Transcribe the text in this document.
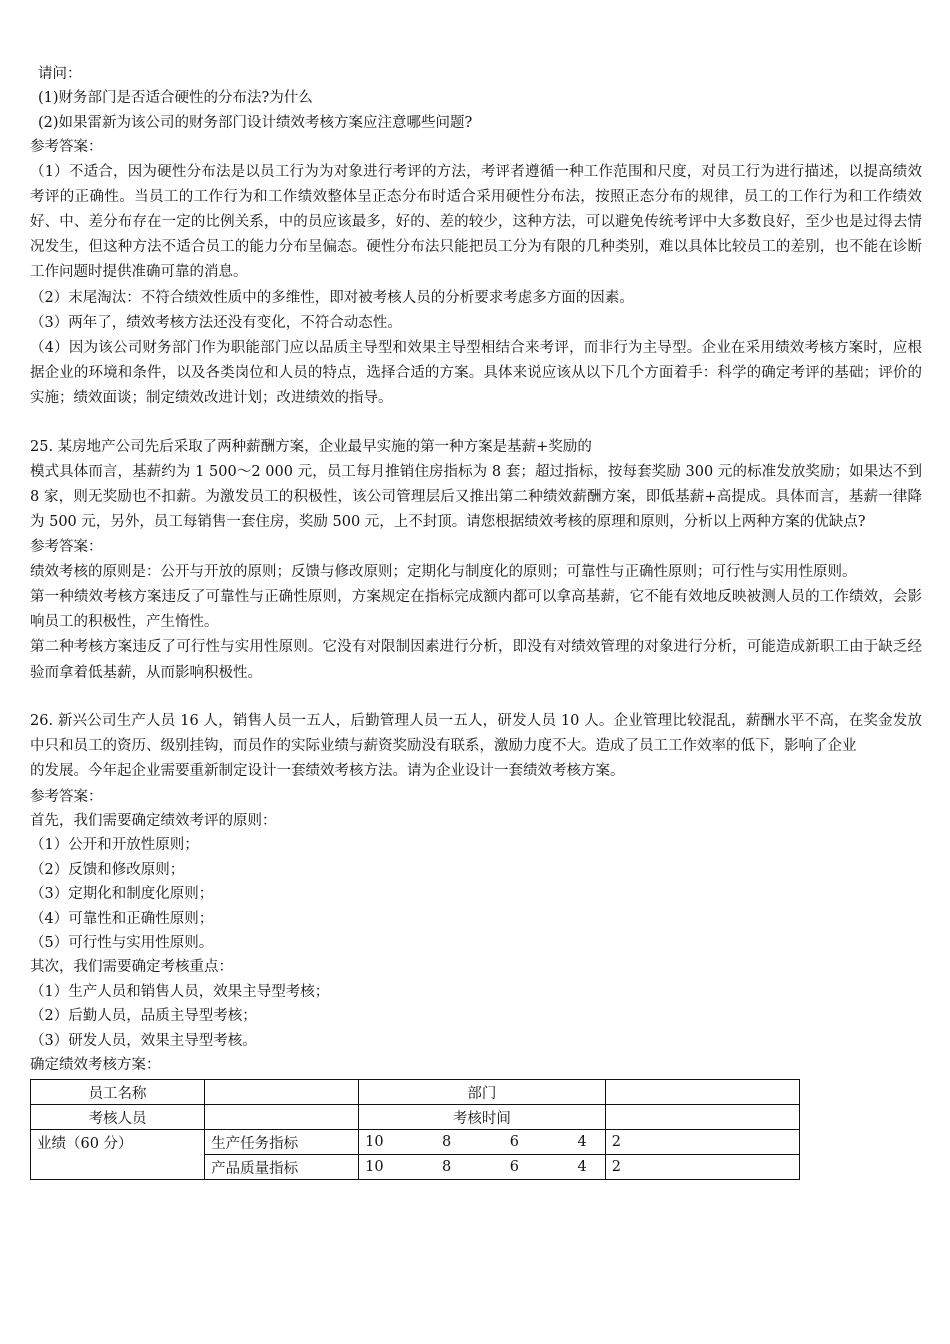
请问：

(1)财务部门是否适合硬性的分布法?为什么

(2)如果雷新为该公司的财务部门设计绩效考核方案应注意哪些问题?

参考答案：

（1）不适合，因为硬性分布法是以员工行为为对象进行考评的方法，考评者遵循一种工作范围和尺度，对员工行为进行描述，以提高绩效考评的正确性。当员工的工作行为和工作绩效整体呈正态分布时适合采用硬性分布法，按照正态分布的规律，员工的工作行为和工作绩效好、中、差分布存在一定的比例关系，中的员应该最多，好的、差的较少，这种方法，可以避免传统考评中大多数良好，至少也是过得去情况发生，但这种方法不适合员工的能力分布呈偏态。硬性分布法只能把员工分为有限的几种类别，难以具体比较员工的差别，也不能在诊断工作问题时提供准确可靠的消息。

（2）末尾淘汰：不符合绩效性质中的多维性，即对被考核人员的分析要求考虑多方面的因素。

（3）两年了，绩效考核方法还没有变化，不符合动态性。

（4）因为该公司财务部门作为职能部门应以品质主导型和效果主导型相结合来考评，而非行为主导型。企业在采用绩效考核方案时，应根据企业的环境和条件，以及各类岗位和人员的特点，选择合适的方案。具体来说应该从以下几个方面着手：科学的确定考评的基础；评价的实施；绩效面谈；制定绩效改进计划；改进绩效的指导。

25. 某房地产公司先后采取了两种薪酬方案，企业最早实施的第一种方案是基薪+奖励的

模式具体而言，基薪约为 1 500～2 000 元，员工每月推销住房指标为 8 套；超过指标，按每套奖励 300 元的标准发放奖励；如果达不到 8 家，则无奖励也不扣薪。为激发员工的积极性，该公司管理层后又推出第二种绩效薪酬方案，即低基薪+高提成。具体而言，基薪一律降为 500 元，另外，员工每销售一套住房，奖励 500 元，上不封顶。请您根据绩效考核的原理和原则，分析以上两种方案的优缺点?

参考答案：

绩效考核的原则是：公开与开放的原则；反馈与修改原则；定期化与制度化的原则；可靠性与正确性原则；可行性与实用性原则。

第一种绩效考核方案违反了可靠性与正确性原则，方案规定在指标完成额内都可以拿高基薪，它不能有效地反映被测人员的工作绩效，会影响员工的积极性，产生惰性。

第二种考核方案违反了可行性与实用性原则。它没有对限制因素进行分析，即没有对绩效管理的对象进行分析，可能造成新职工由于缺乏经验而拿着低基薪，从而影响积极性。

26. 新兴公司生产人员 16 人，销售人员一五人，后勤管理人员一五人，研发人员 10 人。企业管理比较混乱，薪酬水平不高，在奖金发放中只和员工的资历、级别挂钩，而员作的实际业绩与薪资奖励没有联系，激励力度不大。造成了员工工作效率的低下，影响了企业

的发展。今年起企业需要重新制定设计一套绩效考核方法。请为企业设计一套绩效考核方案。

参考答案：

首先，我们需要确定绩效考评的原则：

（1）公开和开放性原则；

（2）反馈和修改原则；

（3）定期化和制度化原则；

（4）可靠性和正确性原则；

（5）可行性与实用性原则。

其次，我们需要确定考核重点：

（1）生产人员和销售人员，效果主导型考核；

（2）后勤人员，品质主导型考核；

（3）研发人员，效果主导型考核。

确定绩效考核方案：

员工名称		部门	
考核人员		考核时间	
业绩（60 分）	生产任务指标	10 8 6 4	2
	产品质量指标	10 8 6 4	2
